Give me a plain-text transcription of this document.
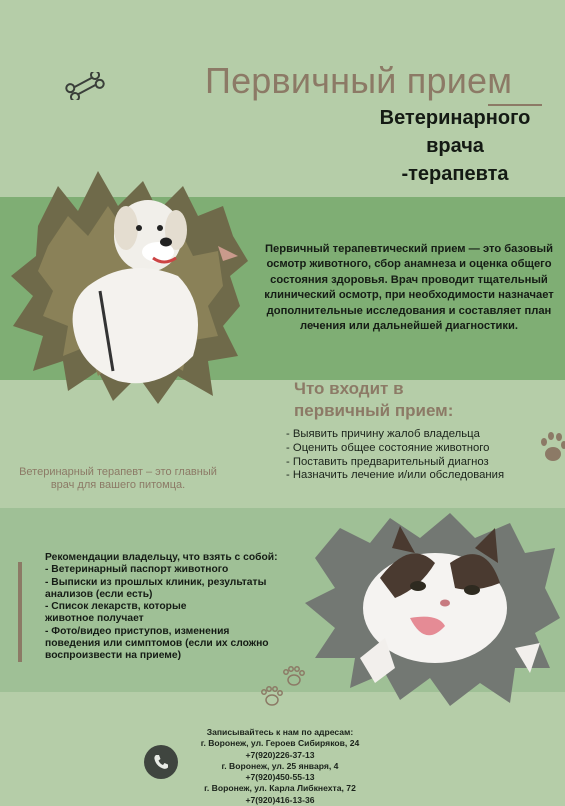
Первичный прием
Ветеринарного
врача
-терапевта
Первичный терапевтический прием — это базовый
осмотр животного, сбор анамнеза и оценка общего
состояния здоровья. Врач проводит тщательный
клинический осмотр, при необходимости назначает
дополнительные исследования и составляет план
лечения или дальнейшей диагностики.
Что входит в
первичный прием:
- Выявить причину жалоб владельца
- Оценить общее состояние животного
- Поставить предварительный диагноз
- Назначить лечение и/или обследования
Ветеринарный терапевт – это главный врач для вашего питомца.
Рекомендации владельцу, что взять с собой:
- Ветеринарный паспорт животного
- Выписки из прошлых клиник, результаты
анализов (если есть)
- Список лекарств, которые
животное получает
- Фото/видео приступов, изменения
поведения или симптомов (если их сложно
воспроизвести на приеме)
Записывайтесь к нам по адресам:
г. Воронеж, ул. Героев Сибиряков, 24
+7(920)226-37-13
г. Воронеж, ул. 25 января, 4
+7(920)450-55-13
г. Воронеж, ул. Карла Либкнехта, 72
+7(920)416-13-36
